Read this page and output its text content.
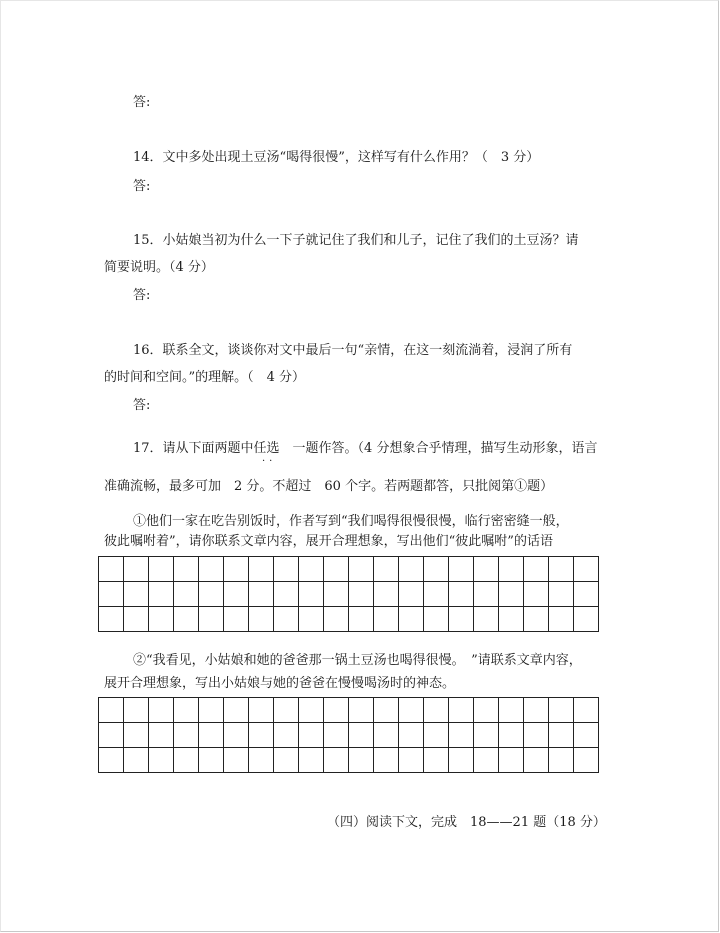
答:
14．文中多处出现土豆汤“喝得很慢”，这样写有什么作用？（　3 分）
答:
15．小姑娘当初为什么一下子就记住了我们和儿子，记住了我们的土豆汤？请
简要说明。（4 分）
答:
16．联系全文，谈谈你对文中最后一句“亲情，在这一刻流淌着，浸润了所有
的时间和空间。”的理解。（　4 分）
答:
17．请从下面两题中任选　一题作答。（4 分想象合乎情理，描写生动形象，语言
··
准确流畅，最多可加　2 分。不超过　60 个字。若两题都答，只批阅第①题）
①他们一家在吃告别饭时，作者写到“我们喝得很慢很慢，临行密密缝一般，
彼此嘱咐着”，请你联系文章内容，展开合理想象，写出他们“彼此嘱咐”的话语

②“我看见，小姑娘和她的爸爸那一锅土豆汤也喝得很慢。　”请联系文章内容，
展开合理想象，写出小姑娘与她的爸爸在慢慢喝汤时的神态。

（四）阅读下文，完成　18——21 题（18 分）
